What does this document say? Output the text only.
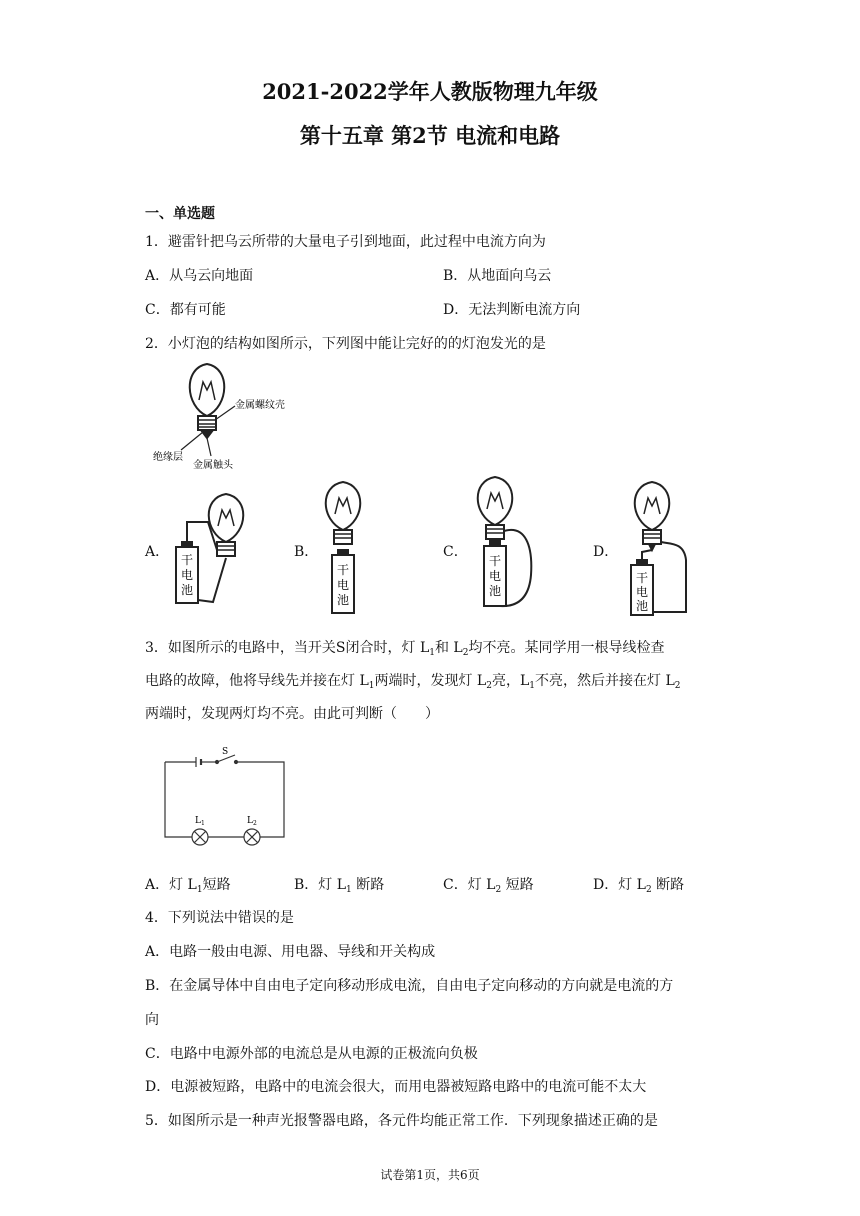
2021-2022学年人教版物理九年级
第十五章 第2节 电流和电路
一、单选题
1．避雷针把乌云所带的大量电子引到地面，此过程中电流方向为
A．从乌云向地面	B．从地面向乌云
C．都有可能	D．无法判断电流方向
2．小灯泡的结构如图所示，下列图中能让完好的的灯泡发光的是
金属螺纹壳
绝缘层
金属触头
A． 干
电
池
B．
干
电
池
C．
干
电
池
D．
干
电
池
3．如图所示的电路中，当开关S闭合时，灯 $L_1$和 $L_2$均不亮。某同学用一根导线检查
电路的故障，他将导线先并接在灯 $L_1$两端时，发现灯 $L_2$亮，$L_1$不亮，然后并接在灯 $L_2$
两端时，发现两灯均不亮。由此可判断（　　）
S
$L_1$	$L_2$
A．灯 $L_1$短路	B．灯 $L_1$ 断路	C．灯 $L_2$ 短路	D．灯 $L_2$ 断路
4．下列说法中错误的是
A．电路一般由电源、用电器、导线和开关构成
B．在金属导体中自由电子定向移动形成电流，自由电子定向移动的方向就是电流的方
向
C．电路中电源外部的电流总是从电源的正极流向负极
D．电源被短路，电路中的电流会很大，而用电器被短路电路中的电流可能不太大
5．如图所示是一种声光报警器电路，各元件均能正常工作．下列现象描述正确的是
试卷第1页，共6页
